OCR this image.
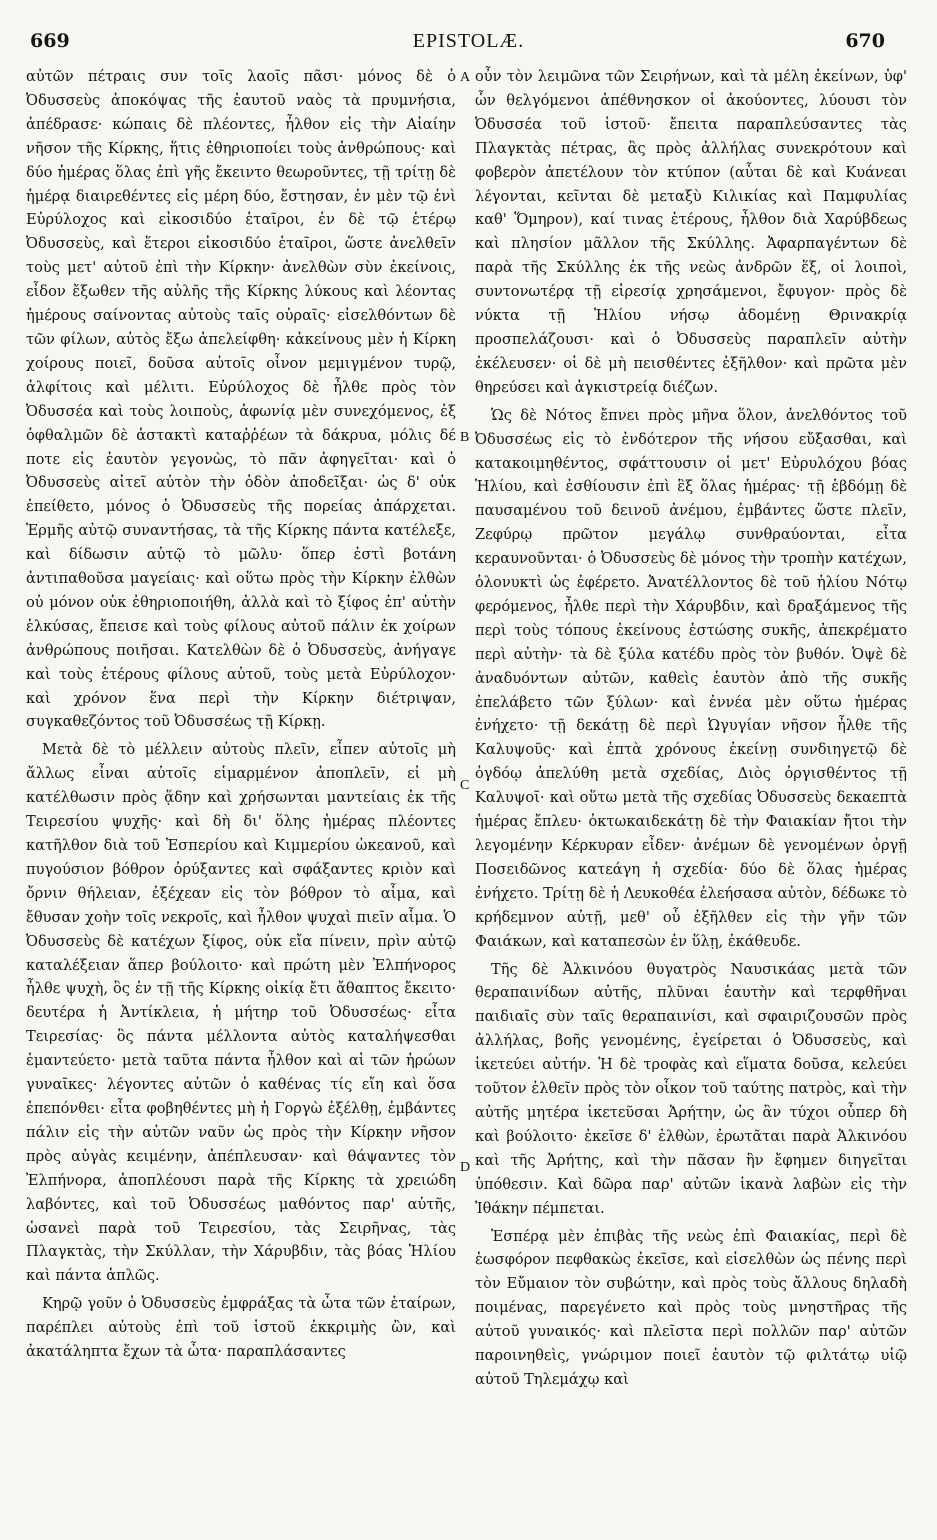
669	EPISTOLÆ.	670

αὐτῶν πέτραις συν τοῖς λαοῖς πᾶσι· μόνος δὲ ὁ Ὀδυσσεὺς ἀποκόψας τῆς ἑαυτοῦ ναὸς τὰ πρυμνήσια, ἀπέδρασε· κώπαις δὲ πλέοντες, ἦλθον εἰς τὴν Αἰαίην νῆσον τῆς Κίρκης, ἥτις ἐθηριοποίει τοὺς ἀνθρώπους· καὶ δύο ἡμέρας ὅλας ἐπὶ γῆς ἔκειντο θεωροῦντες, τῇ τρίτῃ δὲ ἡμέρᾳ διαιρεθέντες εἰς μέρη δύο, ἔστησαν, ἐν μὲν τῷ ἑνὶ Εὐρύλοχος καὶ εἰκοσιδύο ἑταῖροι, ἐν δὲ τῷ ἑτέρῳ Ὀδυσσεὺς, καὶ ἕτεροι εἰκοσιδύο ἑταῖροι, ὥστε ἀνελθεῖν τοὺς μετ' αὐτοῦ ἐπὶ τὴν Κίρκην· ἀνελθὼν σὺν ἐκείνοις, εἶδον ἔξωθεν τῆς αὐλῆς τῆς Κίρκης λύκους καὶ λέοντας ἡμέρους σαίνοντας αὐτοὺς ταῖς οὐραῖς· εἰσελθόντων δὲ τῶν φίλων, αὐτὸς ἔξω ἀπελείφθη· κἀκείνους μὲν ἡ Κίρκη χοίρους ποιεῖ, δοῦσα αὐτοῖς οἶνον μεμιγμένον τυρῷ, ἀλφίτοις καὶ μέλιτι. Εὐρύλοχος δὲ ἦλθε πρὸς τὸν Ὀδυσσέα καὶ τοὺς λοιποὺς, ἀφωνίᾳ μὲν συνεχόμενος, ἐξ ὀφθαλμῶν δὲ ἀστακτὶ καταῤῥέων τὰ δάκρυα, μόλις δέ ποτε εἰς ἑαυτὸν γεγονὼς, τὸ πᾶν ἀφηγεῖται· καὶ ὁ Ὀδυσσεὺς αἰτεῖ αὐτὸν τὴν ὁδὸν ἀποδεῖξαι· ὡς δ' οὐκ ἐπείθετο, μόνος ὁ Ὀδυσσεὺς τῆς πορείας ἀπάρχεται. Ἑρμῆς αὐτῷ συναντήσας, τὰ τῆς Κίρκης πάντα κατέλεξε, καὶ δίδωσιν αὐτῷ τὸ μῶλυ· ὅπερ ἐστὶ βοτάνη ἀντιπαθοῦσα μαγείαις· καὶ οὕτω πρὸς τὴν Κίρκην ἐλθὼν οὐ μόνον οὐκ ἐθηριοποιήθη, ἀλλὰ καὶ τὸ ξίφος ἐπ' αὐτὴν ἑλκύσας, ἔπεισε καὶ τοὺς φίλους αὐτοῦ πάλιν ἐκ χοίρων ἀνθρώπους ποιῆσαι. Κατελθὼν δὲ ὁ Ὀδυσσεὺς, ἀνήγαγε καὶ τοὺς ἑτέρους φίλους αὐτοῦ, τοὺς μετὰ Εὐρύλοχον· καὶ χρόνον ἕνα περὶ τὴν Κίρκην διέτριψαν, συγκαθεζόντος τοῦ Ὀδυσσέως τῇ Κίρκῃ.

Μετὰ δὲ τὸ μέλλειν αὐτοὺς πλεῖν, εἶπεν αὐτοῖς μὴ ἄλλως εἶναι αὐτοῖς εἱμαρμένον ἀποπλεῖν, εἰ μὴ κατέλθωσιν πρὸς ᾅδην καὶ χρήσωνται μαντείαις ἐκ τῆς Τειρεσίου ψυχῆς· καὶ δὴ δι' ὅλης ἡμέρας πλέοντες κατῆλθον διὰ τοῦ Ἑσπερίου καὶ Κιμμερίου ὠκεανοῦ, καὶ πυγούσιον βόθρον ὀρύξαντες καὶ σφάξαντες κριὸν καὶ ὄρνιν θήλειαν, ἐξέχεαν εἰς τὸν βόθρον τὸ αἷμα, καὶ ἔθυσαν χοὴν τοῖς νεκροῖς, καὶ ἦλθον ψυχαὶ πιεῖν αἷμα. Ὁ Ὀδυσσεὺς δὲ κατέχων ξίφος, οὐκ εἴα πίνειν, πρὶν αὐτῷ καταλέξειαν ἅπερ βούλοιτο· καὶ πρώτη μὲν Ἐλπήνορος ἦλθε ψυχὴ, ὃς ἐν τῇ τῆς Κίρκης οἰκίᾳ ἔτι ἄθαπτος ἔκειτο· δευτέρα ἡ Ἀντίκλεια, ἡ μήτηρ τοῦ Ὀδυσσέως· εἶτα Τειρεσίας· ὃς πάντα μέλλοντα αὐτὸς καταλήψεσθαι ἐμαντεύετο· μετὰ ταῦτα πάντα ἦλθον καὶ αἱ τῶν ἡρώων γυναῖκες· λέγοντες αὐτῶν ὁ καθένας τίς εἴη καὶ ὅσα ἐπεπόνθει· εἶτα φοβηθέντες μὴ ἡ Γοργὼ ἐξέλθῃ, ἐμβάντες πάλιν εἰς τὴν αὐτῶν ναῦν ὡς πρὸς τὴν Κίρκην νῆσον πρὸς αὐγὰς κειμένην, ἀπέπλευσαν· καὶ θάψαντες τὸν Ἐλπήνορα, ἀποπλέουσι παρὰ τῆς Κίρκης τὰ χρειώδη λαβόντες, καὶ τοῦ Ὀδυσσέως μαθόντος παρ' αὐτῆς, ὡσανεὶ παρὰ τοῦ Τειρεσίου, τὰς Σειρῆνας, τὰς Πλαγκτὰς, τὴν Σκύλλαν, τὴν Χάρυβδιν, τὰς βόας Ἡλίου καὶ πάντα ἁπλῶς.

Κηρῷ γοῦν ὁ Ὀδυσσεὺς ἐμφράξας τὰ ὦτα τῶν ἑταίρων, παρέπλει αὐτοὺς ἐπὶ τοῦ ἱστοῦ ἐκκριμὴς ὢν, καὶ ἀκατάληπτα ἔχων τὰ ὦτα· παραπλάσαντες

A
B
C
D

οὖν τὸν λειμῶνα τῶν Σειρήνων, καὶ τὰ μέλη ἐκείνων, ὑφ' ὧν θελγόμενοι ἀπέθνησκον οἱ ἀκούοντες, λύουσι τὸν Ὀδυσσέα τοῦ ἱστοῦ· ἔπειτα παραπλεύσαντες τὰς Πλαγκτὰς πέτρας, ἃς πρὸς ἀλλήλας συνεκρότουν καὶ φοβερὸν ἀπετέλουν τὸν κτύπον (αὗται δὲ καὶ Κυάνεαι λέγονται, κεῖνται δὲ μεταξὺ Κιλικίας καὶ Παμφυλίας καθ' Ὅμηρον), καί τινας ἑτέρους, ἦλθον διὰ Χαρύβδεως καὶ πλησίον μᾶλλον τῆς Σκύλλης. Ἀφαρπαγέντων δὲ παρὰ τῆς Σκύλλης ἐκ τῆς νεὼς ἀνδρῶν ἕξ, οἱ λοιποὶ, συντονωτέρᾳ τῇ εἰρεσίᾳ χρησάμενοι, ἔφυγον· πρὸς δὲ νύκτα τῇ Ἡλίου νήσῳ ἀδομένῃ Θρινακρίᾳ προσπελάζουσι· καὶ ὁ Ὀδυσσεὺς παραπλεῖν αὐτὴν ἐκέλευσεν· οἱ δὲ μὴ πεισθέντες ἐξῆλθον· καὶ πρῶτα μὲν θηρεύσει καὶ ἀγκιστρείᾳ διέζων.

Ὡς δὲ Νότος ἔπνει πρὸς μῆνα ὅλον, ἀνελθόντος τοῦ Ὀδυσσέως εἰς τὸ ἐνδότερον τῆς νήσου εὔξασθαι, καὶ κατακοιμηθέντος, σφάττουσιν οἱ μετ' Εὐρυλόχου βόας Ἡλίου, καὶ ἐσθίουσιν ἐπὶ ἓξ ὅλας ἡμέρας· τῇ ἑβδόμῃ δὲ παυσαμένου τοῦ δεινοῦ ἀνέμου, ἐμβάντες ὥστε πλεῖν, Ζεφύρῳ πρῶτον μεγάλῳ συνθραύονται, εἶτα κεραυνοῦνται· ὁ Ὀδυσσεὺς δὲ μόνος τὴν τροπὴν κατέχων, ὁλονυκτὶ ὡς ἐφέρετο. Ἀνατέλλοντος δὲ τοῦ ἡλίου Νότῳ φερόμενος, ἦλθε περὶ τὴν Χάρυβδιν, καὶ δραξάμενος τῆς περὶ τοὺς τόπους ἐκείνους ἑστώσης συκῆς, ἀπεκρέματο περὶ αὐτὴν· τὰ δὲ ξύλα κατέδυ πρὸς τὸν βυθόν. Ὀψὲ δὲ ἀναδυόντων αὐτῶν, καθεὶς ἑαυτὸν ἀπὸ τῆς συκῆς ἐπελάβετο τῶν ξύλων· καὶ ἐννέα μὲν οὕτω ἡμέρας ἐνήχετο· τῇ δεκάτῃ δὲ περὶ Ὠγυγίαν νῆσον ἦλθε τῆς Καλυψοῦς· καὶ ἑπτὰ χρόνους ἐκείνῃ συνδιηγετῷ δὲ ὀγδόῳ ἀπελύθη μετὰ σχεδίας, Διὸς ὀργισθέντος τῇ Καλυψοῖ· καὶ οὕτω μετὰ τῆς σχεδίας Ὀδυσσεὺς δεκαεπτὰ ἡμέρας ἔπλευ· ὀκτωκαιδεκάτῃ δὲ τὴν Φαιακίαν ἤτοι τὴν λεγομένην Κέρκυραν εἶδεν· ἀνέμων δὲ γενομένων ὀργῇ Ποσειδῶνος κατεάγη ἡ σχεδία· δύο δὲ ὅλας ἡμέρας ἐνήχετο. Τρίτῃ δὲ ἡ Λευκοθέα ἐλεήσασα αὐτὸν, δέδωκε τὸ κρήδεμνον αὐτῇ, μεθ' οὗ ἐξῆλθεν εἰς τὴν γῆν τῶν Φαιάκων, καὶ καταπεσὼν ἐν ὕλῃ, ἐκάθευδε.

Τῆς δὲ Ἀλκινόου θυγατρὸς Ναυσικάας μετὰ τῶν θεραπαινίδων αὐτῆς, πλῦναι ἑαυτὴν καὶ τερφθῆναι παιδιαῖς σὺν ταῖς θεραπαινίσι, καὶ σφαιριζουσῶν πρὸς ἀλλήλας, βοῆς γενομένης, ἐγείρεται ὁ Ὀδυσσεὺς, καὶ ἱκετεύει αὐτήν. Ἡ δὲ τροφὰς καὶ εἵματα δοῦσα, κελεύει τοῦτον ἐλθεῖν πρὸς τὸν οἶκον τοῦ ταύτης πατρὸς, καὶ τὴν αὐτῆς μητέρα ἱκετεῦσαι Ἀρήτην, ὡς ἂν τύχοι οὗπερ δὴ καὶ βούλοιτο· ἐκεῖσε δ' ἐλθὼν, ἐρωτᾶται παρὰ Ἀλκινόου καὶ τῆς Ἀρήτης, καὶ τὴν πᾶσαν ἣν ἔφημεν διηγεῖται ὑπόθεσιν. Καὶ δῶρα παρ' αὐτῶν ἱκανὰ λαβὼν εἰς τὴν Ἰθάκην πέμπεται.

Ἑσπέρᾳ μὲν ἐπιβὰς τῆς νεὼς ἐπὶ Φαιακίας, περὶ δὲ ἑωσφόρον πεφθακὼς ἐκεῖσε, καὶ εἰσελθὼν ὡς πένης περὶ τὸν Εὔμαιον τὸν συβώτην, καὶ πρὸς τοὺς ἄλλους δηλαδὴ ποιμένας, παρεγένετο καὶ πρὸς τοὺς μνηστῆρας τῆς αὐτοῦ γυναικός· καὶ πλεῖστα περὶ πολλῶν παρ' αὐτῶν παροινηθεὶς, γνώριμον ποιεῖ ἑαυτὸν τῷ φιλτάτῳ υἱῷ αὐτοῦ Τηλεμάχῳ καὶ
